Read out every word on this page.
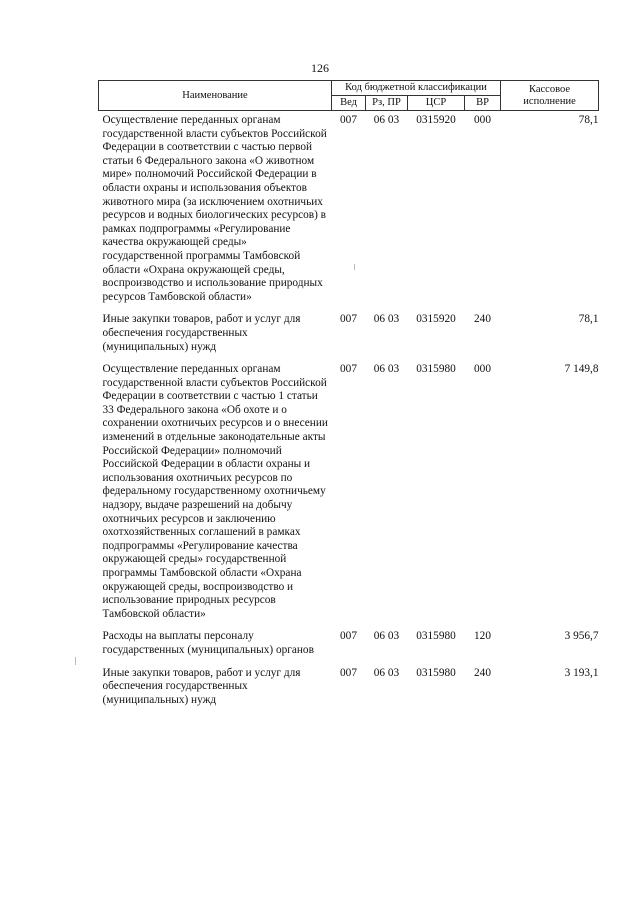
126
Наименование	Код бюджетной классификации				Кассовое исполнение
	Вед	Рз, ПР	ЦСР	ВР	
Осуществление переданных органам государственной власти субъектов Российской Федерации в соответствии с частью первой статьи 6 Федерального закона «О животном мире» полномочий Российской Федерации в области охраны и использования объектов животного мира (за исключением охотничьих ресурсов и водных биологических ресурсов) в рамках подпрограммы «Регулирование качества окружающей среды» государственной программы Тамбовской области «Охрана окружающей среды, воспроизводство и использование природных ресурсов Тамбовской области»	007	06 03	0315920	000	78,1
Иные закупки товаров, работ и услуг для обеспечения государственных (муниципальных) нужд	007	06 03	0315920	240	78,1
Осуществление переданных органам государственной власти субъектов Российской Федерации в соответствии с частью 1 статьи 33 Федерального закона «Об охоте и о сохранении охотничьих ресурсов и о внесении изменений в отдельные законодательные акты Российской Федерации» полномочий Российской Федерации в области охраны и использования охотничьих ресурсов по федеральному государственному охотничьему надзору, выдаче разрешений на добычу охотничьих ресурсов и заключению охотхозяйственных соглашений в рамках подпрограммы «Регулирование качества окружающей среды» государственной программы Тамбовской области «Охрана окружающей среды, воспроизводство и использование природных ресурсов Тамбовской области»	007	06 03	0315980	000	7 149,8
Расходы на выплаты персоналу государственных (муниципальных) органов	007	06 03	0315980	120	3 956,7
Иные закупки товаров, работ и услуг для обеспечения государственных (муниципальных) нужд	007	06 03	0315980	240	3 193,1
